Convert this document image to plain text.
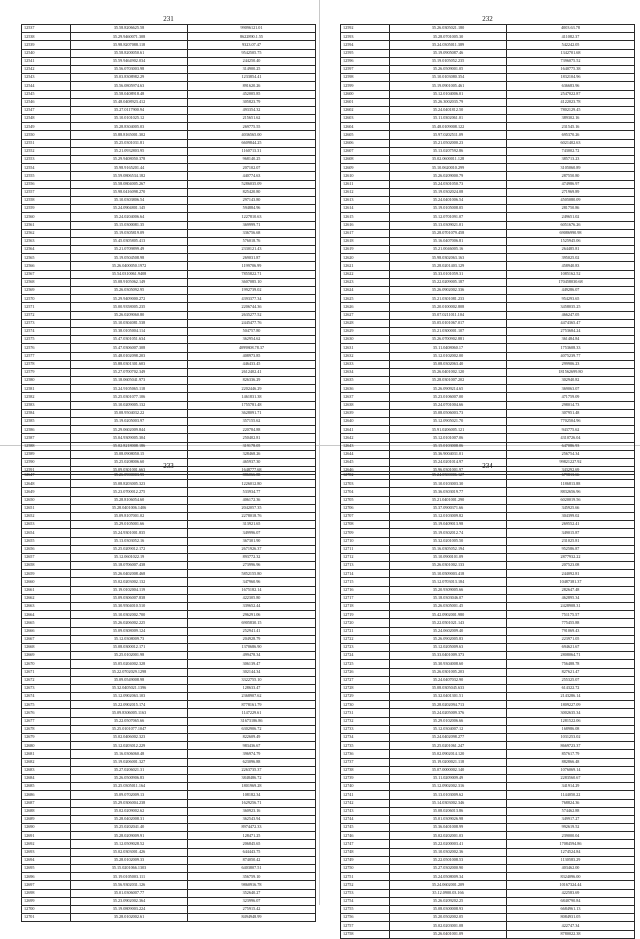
231
12537	35.58.8206625.58	99096121.01
12538	35.29.9460071.308	8622890.1.55
12539	35.98.8207088.118	9323.07.47
12540	35.58.8200050.61	9542505.75
12541	35.59.9464902.034	244250.40
12542	35.56.0703003.98	314900.25
12543	35.03.8308982.29	1233854.41
12544	35.56.0805974.63	891620.26
12545	35.58.0408918.48	452005.85
12546	35.48.0408923.412	305823.79
12547	35.27.0117900.94	493354.32
12548	35.10.0101025.12	215651.62
12549	35.28.8304005.03	269775.55
12550	35.88.8165001.302	4036565.00
12551	35.25.0301031.81	6609844.25
12552	35.21.0932803.95	1160713.31
12553	35.29.9408050.378	968140.25
12554	35.98.9165201.44	207102.07
12555	35.59.0806534.182	440774.63
12556	35.58.0804005.267	5286035.09
12557	35.98.0416098.270	825420.80
12558	35.10.0303806.54	297143.80
12559	35.24.0904801.145	594884.96
12560	35.24.0204006.64	1227810.63
12561	35.15.0300081.35	369999.71
12562	35.19.0305819.09	336756.68
12563	35.45.0305805.413	576018.76
12564	35.21.0709899.49	2330121.43
12565	35.19.0504508.98	269031.87
12566	35.26.0400050.1972	1199706.99
12567	35.54.0310061.9408	7855822.71
12568	35.08.9105062.149	3607085.10
12569	35.26.0305092.95	1992739.02
12570	35.29.9409000.272	4393377.34
12571	35.00.9358005.235	2206744.36
12572	35.26.0209060.80	2635277.52
12573	35.10.0304081.538	2445477.76
12574	35.38.0105004.114	504757.80
12575	35.47.0301051.634	362954.62
12576	35.47.0306007.308	4099808.78.37
12577	35.48.0102098.203	408973.85
12578	35.88.0301301.603	446433.45
12579	35.27.0700702.349	2612402.41
12580	35.18.0605041.973	826336.29
12581	35.24.9105065.118	2202446.29
12582	35.25.0301077.106	1461831.38
12583	35.10.0209005.132	1755781.48
12584	35.08.9504032.22	3628091.71
12585	35.19.0205003.97	357155.62
12586	35.29.0602009.844	220784.88
12587	35.04.9309005.304	250402.81
12588	35.02.8218008.186	319178.05
12589	35.08.0908050.15	328468.26
12590	35.25.0208006.60	465937.30
12591	35.09.0301001.663	1648777.68
232
12592	35.26.0305021.180	4003.63.78
12593	35.28.0701005.30	411082.37
12594	35.24.0305011.389	542242.05
12595	35.19.0905087.46	1342701.68
12596	35.19.0105052.235	7396075.52
12597	35.26.0509001.05	1640775.38
12598	35.10.0103080.354	1832104.96
12599	35.19.0901005.461	636683.96
12600	35.12.0104006.01	2547022.87
12601	35.26.3002035.79	4122023.78
12602	35.24.0401812.50	7802129.45
12603	35.11.0302061.01	389302.16
12604	35.48.0109008.122	231545.16
12605	35.97.0202511.09	695370.26
12606	35.21.0502000.23	6021402.63
12607	35.13.0207592.86	743002.72
12608	35.02.0600011.128	385713.23
12609	35.10.0620010.299	3105060.89
12610	35.26.0209000.79	287550.80
12611	35.24.0301050.73	474986.97
12612	35.19.0302024.08	271969.89
12613	35.24.0401006.54	4505080.09
12614	35.19.0105008.05	281750.86
12615	35.12.0701091.07	249651.02
12616	35.13.0309021.01	6051676.26
12617	35.28.0701079.458	69086990.98
12618	35.16.0407006.81	1525945.06
12619	35.21.0046005.16	264485.81
12620	35.98.0302063.163	395025.02
12621	35.28.0201403.129	458940.83
12622	35.33.0101059.31	1085162.52
12623	35.22.0209005.187	170458030.68
12624	35.26.0902002.336	449286.07
12625	35.21.0301081.233	954293.65
12626	35.20.0100002.808	3458035.25
12627	35.07.0211011.104	466247.05
12628	35.05.0101067.017	4474365.47
12629	35.21.0300001.107	2753684.24
12630	35.26.0700902.881	361484.84
12631	35.11.0408060.17	1753608.33
12632	35.12.0102002.00	4075239.77
12633	35.08.0302063.40	299906.23
12634	35.26.0401002.120	181562699.80
12635	35.28.0301007.202	302940.82
12636	35.26.0909214.65	369063.07
12637	35.23.0106007.00	471759.09
12638	35.24.0701004.66	298014.73
12639	35.08.0506003.73	307951.48
12640	35.12.0905021.70	7702504.96
12641	35.91.0206005.121	943775.62
12642	35.12.0101007.06	4310726.04
12643	35.15.0103008.06	647086.93
12644	35.36.9004031.01	256754.34
12645	35.24.0201014.97	99821227.92
12646	35.96.0301001.97	343292.69
233
12647	35.26.0900003.95	886066.88
12648	35.08.8203005.323	1226012.80
12649	35.23.0700012.275	533934.77
12650	35.28.8106054.60	406172.36
12651	35.28.0401006.1406	2042057.35
12652	35.09.8107001.02	2278018.76
12653	35.29.0105001.66	313921.65
12654	35.24.9301001.835	349996.07
12655	35.13.0303052.16	367301.90
12656	35.25.0209012.172	2671926.37
12657	35.12.0601022.19	893772.32
12658	35.18.0706007.438	273996.96
12659	35.26.0402008.468	5852155.80
12660	35.02.0203002.132	347960.96
12661	35.19.0102004.119	1675182.14
12662	35.09.0306007.838	422305.80
12663	35.30.9504010.510	339652.44
12664	35.10.0302002.700	296291.06
12665	35.26.0206002.225	6905830.15
12666	35.09.0308009.124	252941.41
12667	35.12.0308009.73	204928.79
12668	35.08.0300012.171	1370686.90
12669	35.25.0102001.98	499478.34
12670	35.05.0204002.328	306139.47
12671	35.22.0702029.1298	302144.34
12672	35.09.0549008.98	3322755.10
12673	35.32.0405021.1396	128633.47
12674	35.12.0902063.103	2368907.62
12675	35.22.0902015.174	8778161.79
12676	35.09.8306005.1163	1147229.61
12677	35.22.0507065.66	31673186.86
12678	35.25.0101077.1047	6302906.72
12679	35.02.0406002.323	822609.49
12680	35.12.0203012.229	983436.67
12681	35.16.0306060.48	396974.79
12682	35.19.0206001.327	623096.88
12683	35.27.0206021.31	2263735.37
12684	35.26.0500906.83	3848486.72
12685	35.25.0305011.164	1801969.28
12686	35.09.0702009.13	108182.34
12687	35.29.0306004.238	1629256.71
12688	35.02.0209002.62	360923.16
12689	35.28.0402008.31	362543.94
12690	35.25.0202041.40	8974472.33
12691	35.28.0209009.91	128471.25
12692	35.12.0509028.52	206845.65
12693	35.02.0303001.426	644443.75
12694	35.28.0102009.33	874050.42
12695	35.15.0201066.1303	6403807.51
12696	35.19.0105003.111	356759.10
12697	35.56.9302031.126	9860916.78
12698	35.01.0306007.77	352640.27
12699	35.23.0902002.364	323996.07
12700	35.19.0809003.224	275915.42
12701	35.28.0102002.61	8494948.99
234
12702	35.24.0500006.127	679813.66
12703	35.10.0103003.30	1186813.88
12704	35.36.0303019.77	8832656.96
12705	35.21.0401001.290	6020019.56
12706	35.37.0900371.66	345925.66
12707	35.12.0103009.82	304399.02
12708	35.19.0409013.98	269552.41
12709	35.19.0302012.74	349015.87
12710	35.32.0201005.50	231025.81
12711	35.16.0305052.194	952586.87
12712	35.10.0900101.09	2877932.22
12713	35.26.0301002.133	207523.08
12714	35.10.0509003.418	244092.81
12715	35.12.0703013.184	10487381.37
12716	35.20.9309005.66	282647.48
12717	35.18.0303046.07	462895.34
12718	35.26.0305001.45	2428908.31
12719	35.42.0902001.980	751175.57
12720	35.22.0501021.143	775455.88
12721	35.24.0602009.40	791069.43
12722	35.26.0902005.83	223971.05
12723	35.12.0205009.63	694621.67
12724	35.33.0401009.373	2808064.71
12725	35.30.9304008.60	756488.78
12726	35.26.0301005.203	827621.47
12727	35.24.0407032.90	255325.07
12728	35.08.0305045.633	614322.72
12729	35.32.0401301.51	2143286.14
12730	35.28.0202094.713	1809227.09
12731	35.24.0205009.376	3002635.34
12732	35.29.0102006.66	1281522.06
12733	35.12.0304007.12	168986.08
12734	35.24.0402098.277	1031253.02
12735	35.25.0201061.247	8669723.37
12736	35.02.0902014.120	857617.79
12737	35.19.0200021.118	882866.48
12738	35.07.0000002.140	1076069.14
12739	35.11.0209009.49	2283560.67
12740	35.12.0902002.316	341914.29
12741	35.13.0103009.62	1144050.22
12742	35.14.0303002.346	768824.36
12743	35.08.0206013.86	574462.88
12744	35.01.0309026.98	349917.27
12745	35.36.0401008.99	992619.52
12746	35.02.0202001.03	239000.04
12747	35.22.0200003.41	17084594.86
12748	35.10.0302002.36	1274524.84
12749	35.22.0501008.53	1130583.29
12750	35.27.0302000.90	403462.00
12751	35.24.0508009.34	8324096.00
12752	35.24.0602001.209	10167324.44
12753	35.12.0900.03.166	422583.69
12754	35.26.0209202.25	6840790.84
12755	35.08.0300008.93	6684961.13
12756	35.20.0502002.05	8084931.05
12757	35.02.0203001.08	422747.34
12758	35.26.0401001.09	8780022.38
